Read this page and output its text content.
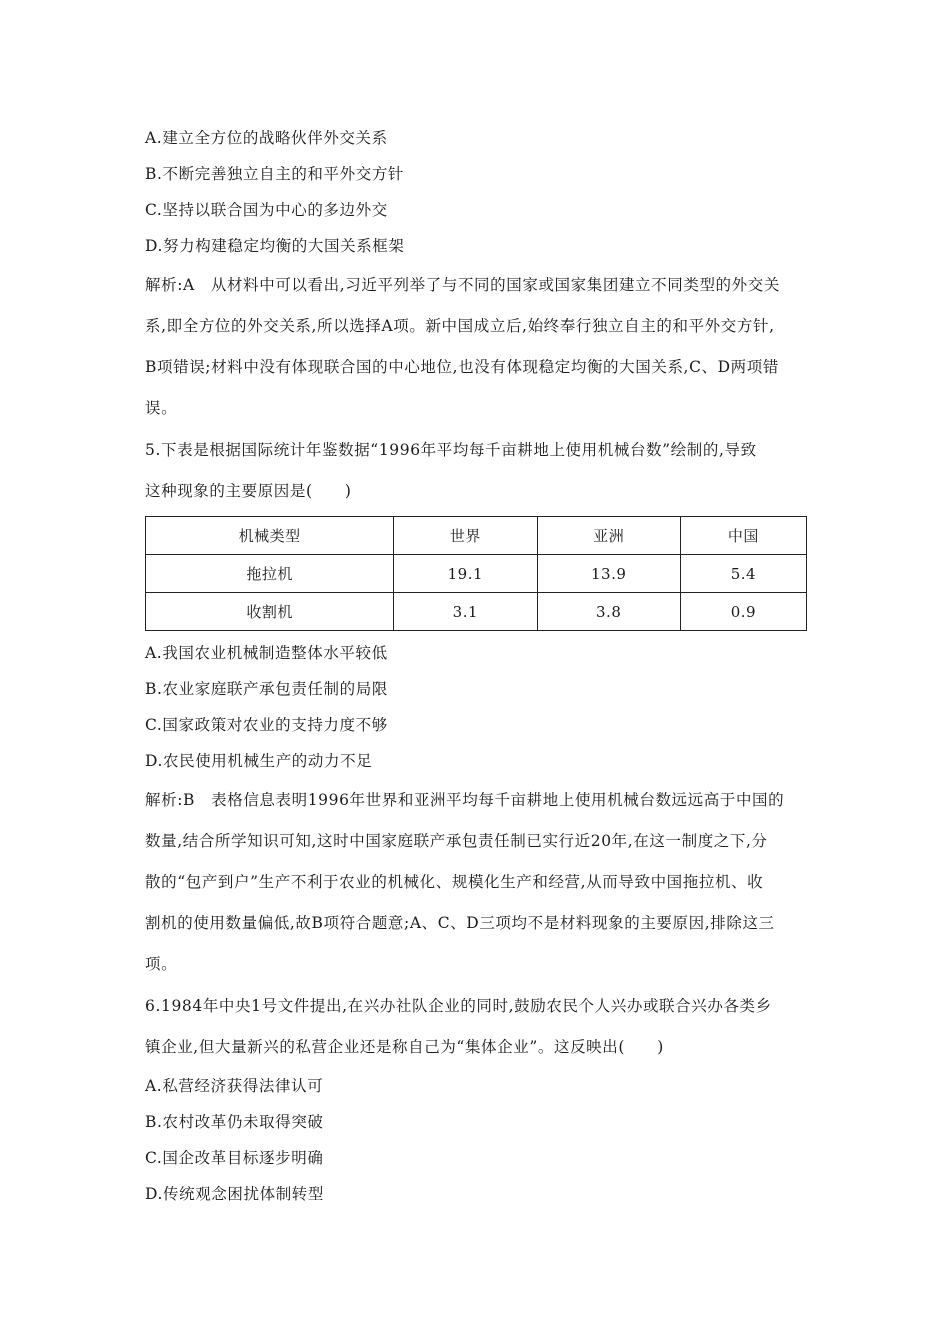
A.建立全方位的战略伙伴外交关系
B.不断完善独立自主的和平外交方针
C.坚持以联合国为中心的多边外交
D.努力构建稳定均衡的大国关系框架
解析:A　从材料中可以看出,习近平列举了与不同的国家或国家集团建立不同类型的外交关
系,即全方位的外交关系,所以选择A项。新中国成立后,始终奉行独立自主的和平外交方针,
B项错误;材料中没有体现联合国的中心地位,也没有体现稳定均衡的大国关系,C、D两项错
误。
5.下表是根据国际统计年鉴数据“1996年平均每千亩耕地上使用机械台数”绘制的,导致
这种现象的主要原因是(　　)
机械类型	世界	亚洲	中国
拖拉机	19.1	13.9	5.4
收割机	3.1	3.8	0.9
A.我国农业机械制造整体水平较低
B.农业家庭联产承包责任制的局限
C.国家政策对农业的支持力度不够
D.农民使用机械生产的动力不足
解析:B　表格信息表明1996年世界和亚洲平均每千亩耕地上使用机械台数远远高于中国的
数量,结合所学知识可知,这时中国家庭联产承包责任制已实行近20年,在这一制度之下,分
散的“包产到户”生产不利于农业的机械化、规模化生产和经营,从而导致中国拖拉机、收
割机的使用数量偏低,故B项符合题意;A、C、D三项均不是材料现象的主要原因,排除这三
项。
6.1984年中央1号文件提出,在兴办社队企业的同时,鼓励农民个人兴办或联合兴办各类乡
镇企业,但大量新兴的私营企业还是称自己为“集体企业”。这反映出(　　)
A.私营经济获得法律认可
B.农村改革仍未取得突破
C.国企改革目标逐步明确
D.传统观念困扰体制转型
